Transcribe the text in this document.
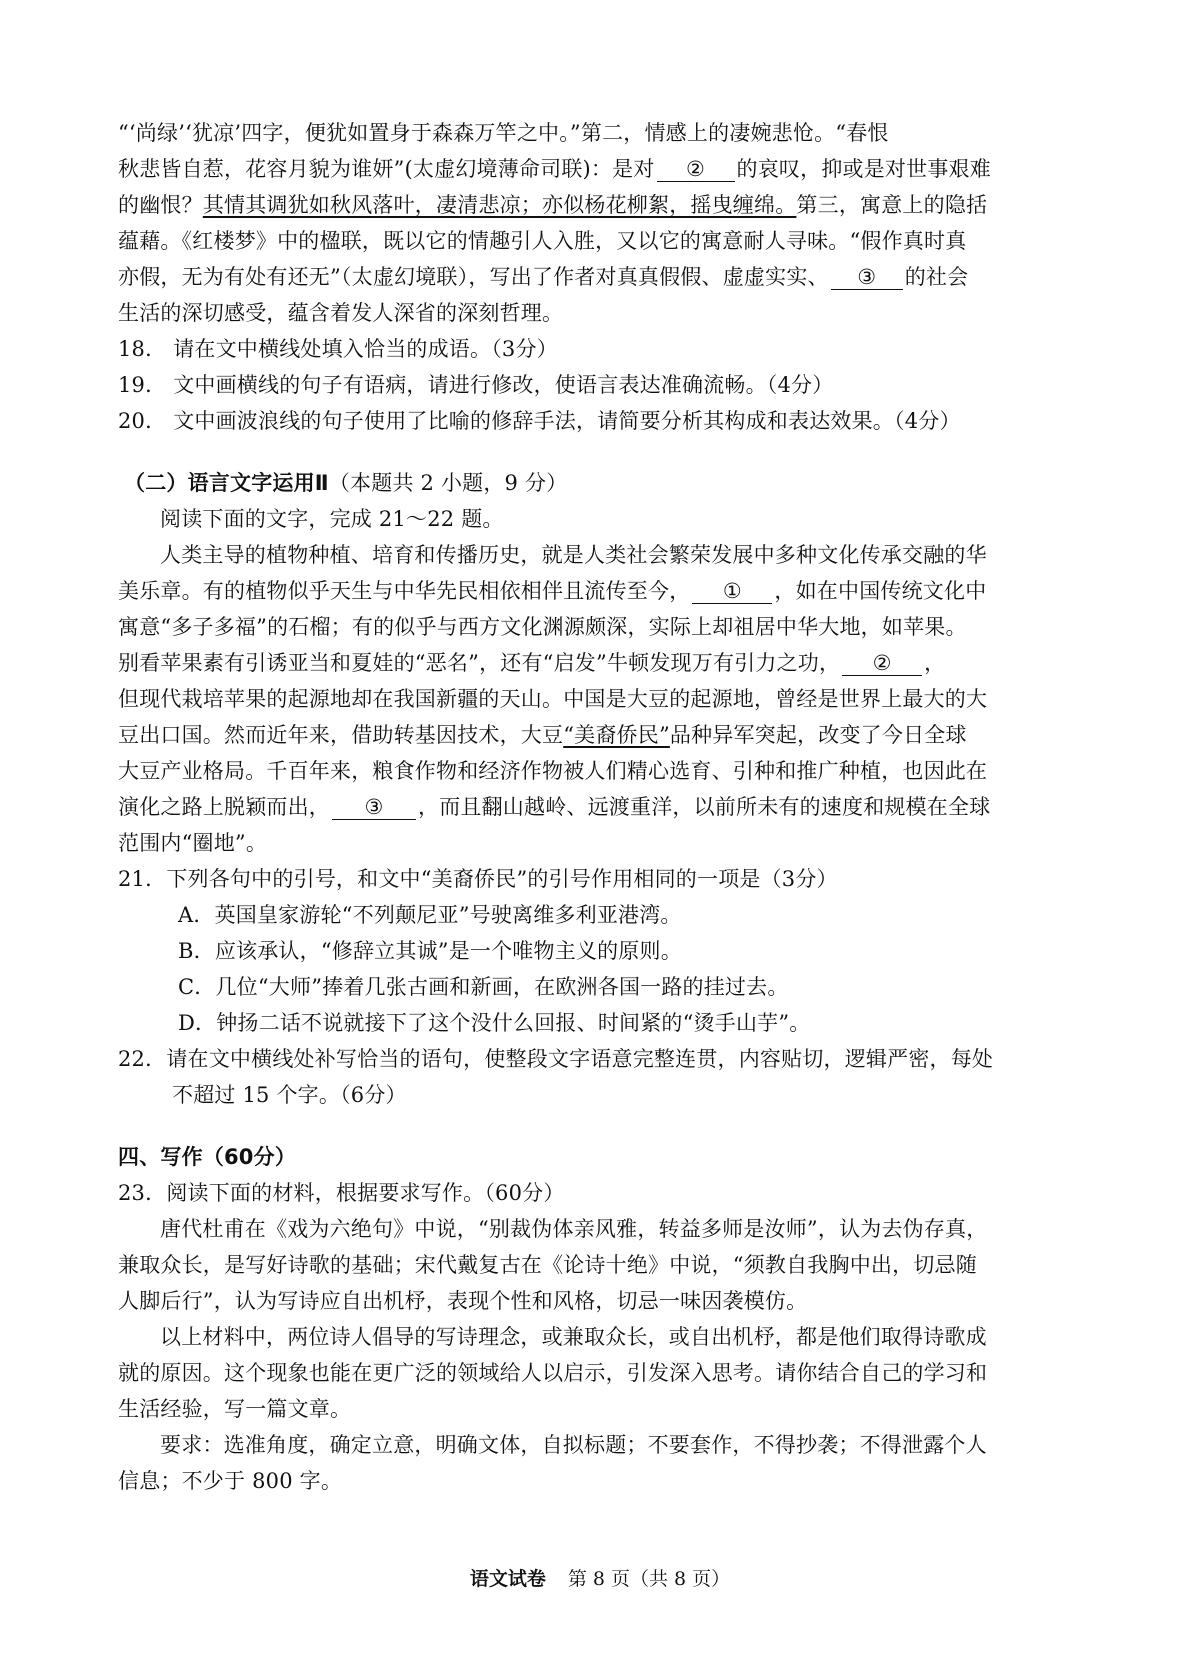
“‘尚绿’‘犹凉’四字，便犹如置身于森森万竿之中。”第二，情感上的凄婉悲怆。“春恨
秋悲皆自惹，花容月貌为谁妍”(太虚幻境薄命司联)：是对 ② 的哀叹，抑或是对世事艰难
的幽恨？其情其调犹如秋风落叶，凄清悲凉；亦似杨花柳絮，摇曳缠绵。第三，寓意上的隐括
蕴藉。《红楼梦》中的楹联，既以它的情趣引人入胜，又以它的寓意耐人寻味。“假作真时真
亦假，无为有处有还无”（太虚幻境联），写出了作者对真真假假、虚虚实实、 ③ 的社会
生活的深切感受，蕴含着发人深省的深刻哲理。
18． 请在文中横线处填入恰当的成语。（3分）
19． 文中画横线的句子有语病，请进行修改，使语言表达准确流畅。（4分）
20． 文中画波浪线的句子使用了比喻的修辞手法，请简要分析其构成和表达效果。（4分）
（二）语言文字运用Ⅱ（本题共 2 小题，9 分）
阅读下面的文字，完成 21～22 题。
人类主导的植物种植、培育和传播历史，就是人类社会繁荣发展中多种文化传承交融的华
美乐章。有的植物似乎天生与中华先民相依相伴且流传至今， ① ，如在中国传统文化中
寓意“多子多福”的石榴；有的似乎与西方文化渊源颇深，实际上却祖居中华大地，如苹果。
别看苹果素有引诱亚当和夏娃的“恶名”，还有“启发”牛顿发现万有引力之功， ② ，
但现代栽培苹果的起源地却在我国新疆的天山。中国是大豆的起源地，曾经是世界上最大的大
豆出口国。然而近年来，借助转基因技术，大豆“美裔侨民”品种异军突起，改变了今日全球
大豆产业格局。千百年来，粮食作物和经济作物被人们精心选育、引种和推广种植，也因此在
演化之路上脱颖而出， ③ ，而且翻山越岭、远渡重洋，以前所未有的速度和规模在全球
范围内“圈地”。
21．下列各句中的引号，和文中“美裔侨民”的引号作用相同的一项是（3分）
A．英国皇家游轮“不列颠尼亚”号驶离维多利亚港湾。
B．应该承认，“修辞立其诚”是一个唯物主义的原则。
C．几位“大师”捧着几张古画和新画，在欧洲各国一路的挂过去。
D．钟扬二话不说就接下了这个没什么回报、时间紧的“烫手山芋”。
22．请在文中横线处补写恰当的语句，使整段文字语意完整连贯，内容贴切，逻辑严密，每处
不超过 15 个字。（6分）
四、写作（60分）
23．阅读下面的材料，根据要求写作。（60分）
唐代杜甫在《戏为六绝句》中说，“别裁伪体亲风雅，转益多师是汝师”，认为去伪存真，
兼取众长，是写好诗歌的基础；宋代戴复古在《论诗十绝》中说，“须教自我胸中出，切忌随
人脚后行”，认为写诗应自出机杼，表现个性和风格，切忌一味因袭模仿。
以上材料中，两位诗人倡导的写诗理念，或兼取众长，或自出机杼，都是他们取得诗歌成
就的原因。这个现象也能在更广泛的领域给人以启示，引发深入思考。请你结合自己的学习和
生活经验，写一篇文章。
要求：选准角度，确定立意，明确文体，自拟标题；不要套作，不得抄袭；不得泄露个人
信息；不少于 800 字。
语文试卷 第 8 页（共 8 页）
